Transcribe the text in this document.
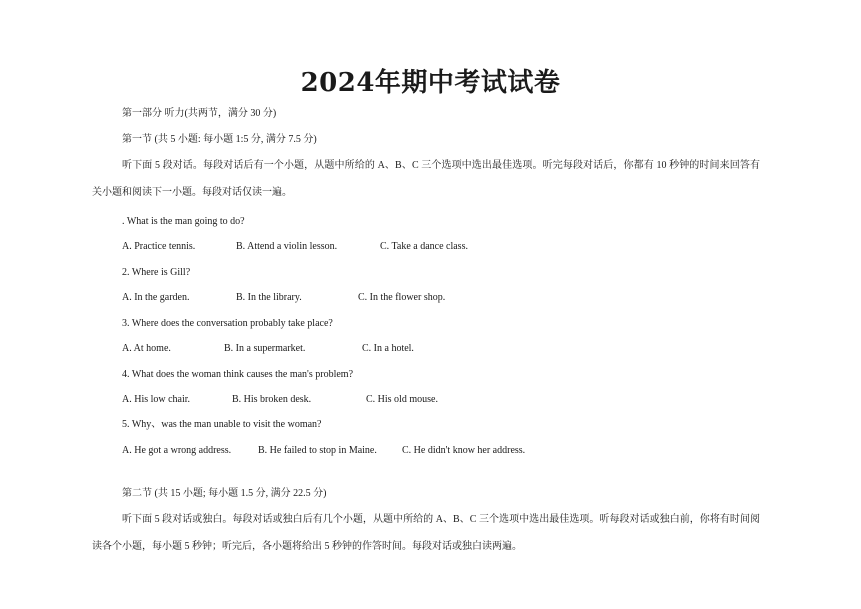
2024年期中考试试卷
第一部分 听力(共两节，满分 30 分)
第一节 (共 5 小题: 每小题 1:5 分, 满分 7.5 分)
听下面 5 段对话。每段对话后有一个小题，从题中所给的 A、B、C 三个选项中选出最佳选项。听完每段对话后，你都有 10 秒钟的时间来回答有关小题和阅读下一小题。每段对话仅读一遍。
. What is the man going to do?
A. Practice tennis.	B. Attend a violin lesson.	C. Take a dance class.
2. Where is Gill?
A. In the garden.	B. In the library.	C. In the flower shop.
3. Where does the conversation probably take place?
A. At home.	B. In a supermarket.	C. In a hotel.
4. What does the woman think causes the man's problem?
A. His low chair.	B. His broken desk.	C. His old mouse.
5. Why、was the man unable to visit the woman?
A. He got a wrong address.	B. He failed to stop in Maine.	C. He didn't know her address.
第二节 (共 15 小题; 每小题 1.5 分, 满分 22.5 分)
听下面 5 段对话或独白。每段对话或独白后有几个小题，从题中所给的 A、B、C 三个选项中选出最佳选项。听每段对话或独白前，你将有时间阅读各个小题，每小题 5 秒钟；听完后，各小题将给出 5 秒钟的作答时间。每段对话或独白读两遍。
